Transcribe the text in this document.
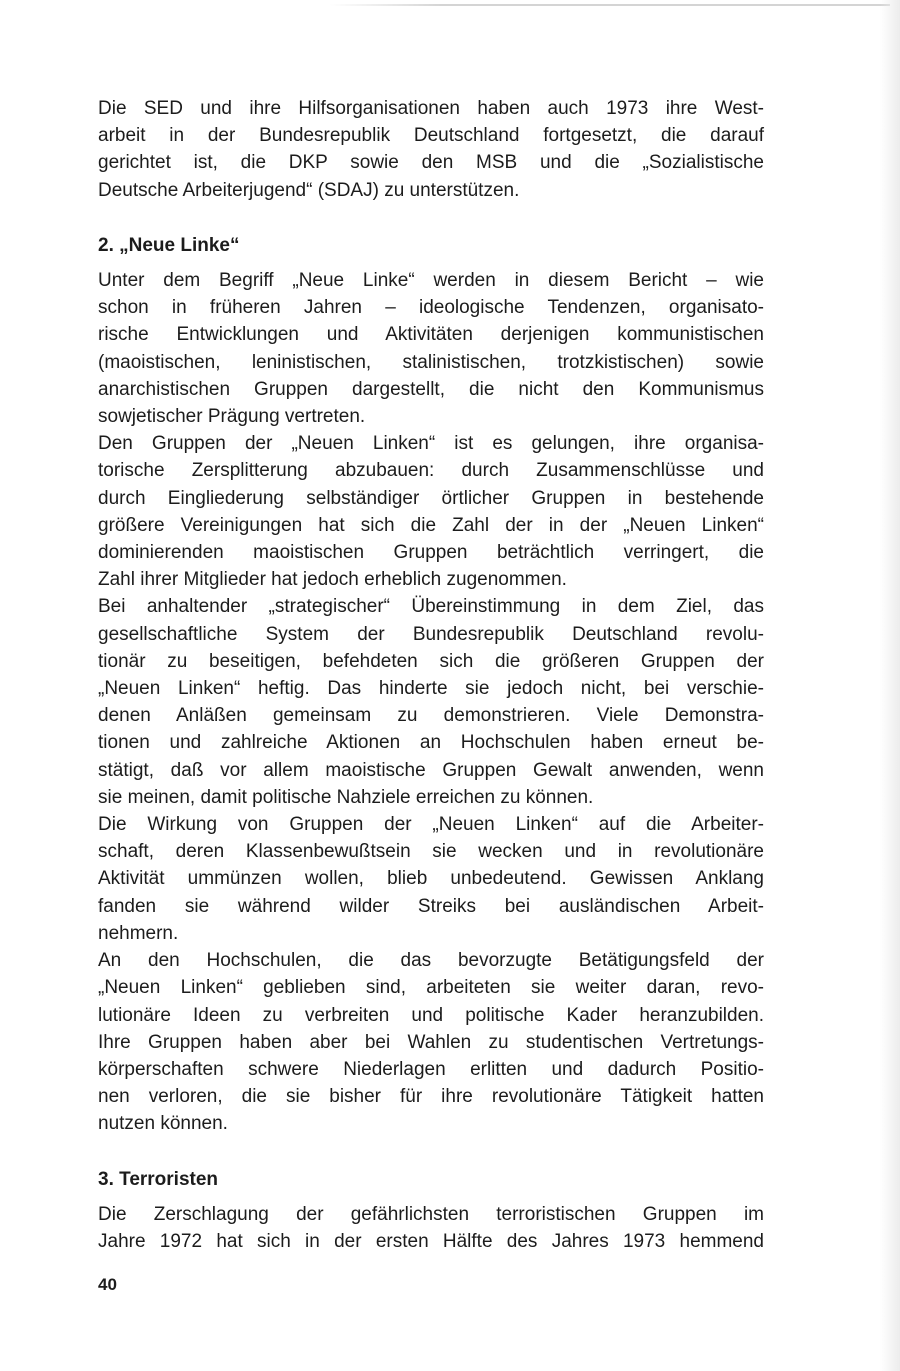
Die SED und ihre Hilfsorganisationen haben auch 1973 ihre West-
arbeit in der Bundesrepublik Deutschland fortgesetzt, die darauf
gerichtet ist, die DKP sowie den MSB und die „Sozialistische
Deutsche Arbeiterjugend“ (SDAJ) zu unterstützen.
2. „Neue Linke“
Unter dem Begriff „Neue Linke“ werden in diesem Bericht – wie
schon in früheren Jahren – ideologische Tendenzen, organisato-
rische Entwicklungen und Aktivitäten derjenigen kommunistischen
(maoistischen, leninistischen, stalinistischen, trotzkistischen) sowie
anarchistischen Gruppen dargestellt, die nicht den Kommunismus
sowjetischer Prägung vertreten.
Den Gruppen der „Neuen Linken“ ist es gelungen, ihre organisa-
torische Zersplitterung abzubauen: durch Zusammenschlüsse und
durch Eingliederung selbständiger örtlicher Gruppen in bestehende
größere Vereinigungen hat sich die Zahl der in der „Neuen Linken“
dominierenden maoistischen Gruppen beträchtlich verringert, die
Zahl ihrer Mitglieder hat jedoch erheblich zugenommen.
Bei anhaltender „strategischer“ Übereinstimmung in dem Ziel, das
gesellschaftliche System der Bundesrepublik Deutschland revolu-
tionär zu beseitigen, befehdeten sich die größeren Gruppen der
„Neuen Linken“ heftig. Das hinderte sie jedoch nicht, bei verschie-
denen Anläßen gemeinsam zu demonstrieren. Viele Demonstra-
tionen und zahlreiche Aktionen an Hochschulen haben erneut be-
stätigt, daß vor allem maoistische Gruppen Gewalt anwenden, wenn
sie meinen, damit politische Nahziele erreichen zu können.
Die Wirkung von Gruppen der „Neuen Linken“ auf die Arbeiter-
schaft, deren Klassenbewußtsein sie wecken und in revolutionäre
Aktivität ummünzen wollen, blieb unbedeutend. Gewissen Anklang
fanden sie während wilder Streiks bei ausländischen Arbeit-
nehmern.
An den Hochschulen, die das bevorzugte Betätigungsfeld der
„Neuen Linken“ geblieben sind, arbeiteten sie weiter daran, revo-
lutionäre Ideen zu verbreiten und politische Kader heranzubilden.
Ihre Gruppen haben aber bei Wahlen zu studentischen Vertretungs-
körperschaften schwere Niederlagen erlitten und dadurch Positio-
nen verloren, die sie bisher für ihre revolutionäre Tätigkeit hatten
nutzen können.
3. Terroristen
Die Zerschlagung der gefährlichsten terroristischen Gruppen im
Jahre 1972 hat sich in der ersten Hälfte des Jahres 1973 hemmend
40
